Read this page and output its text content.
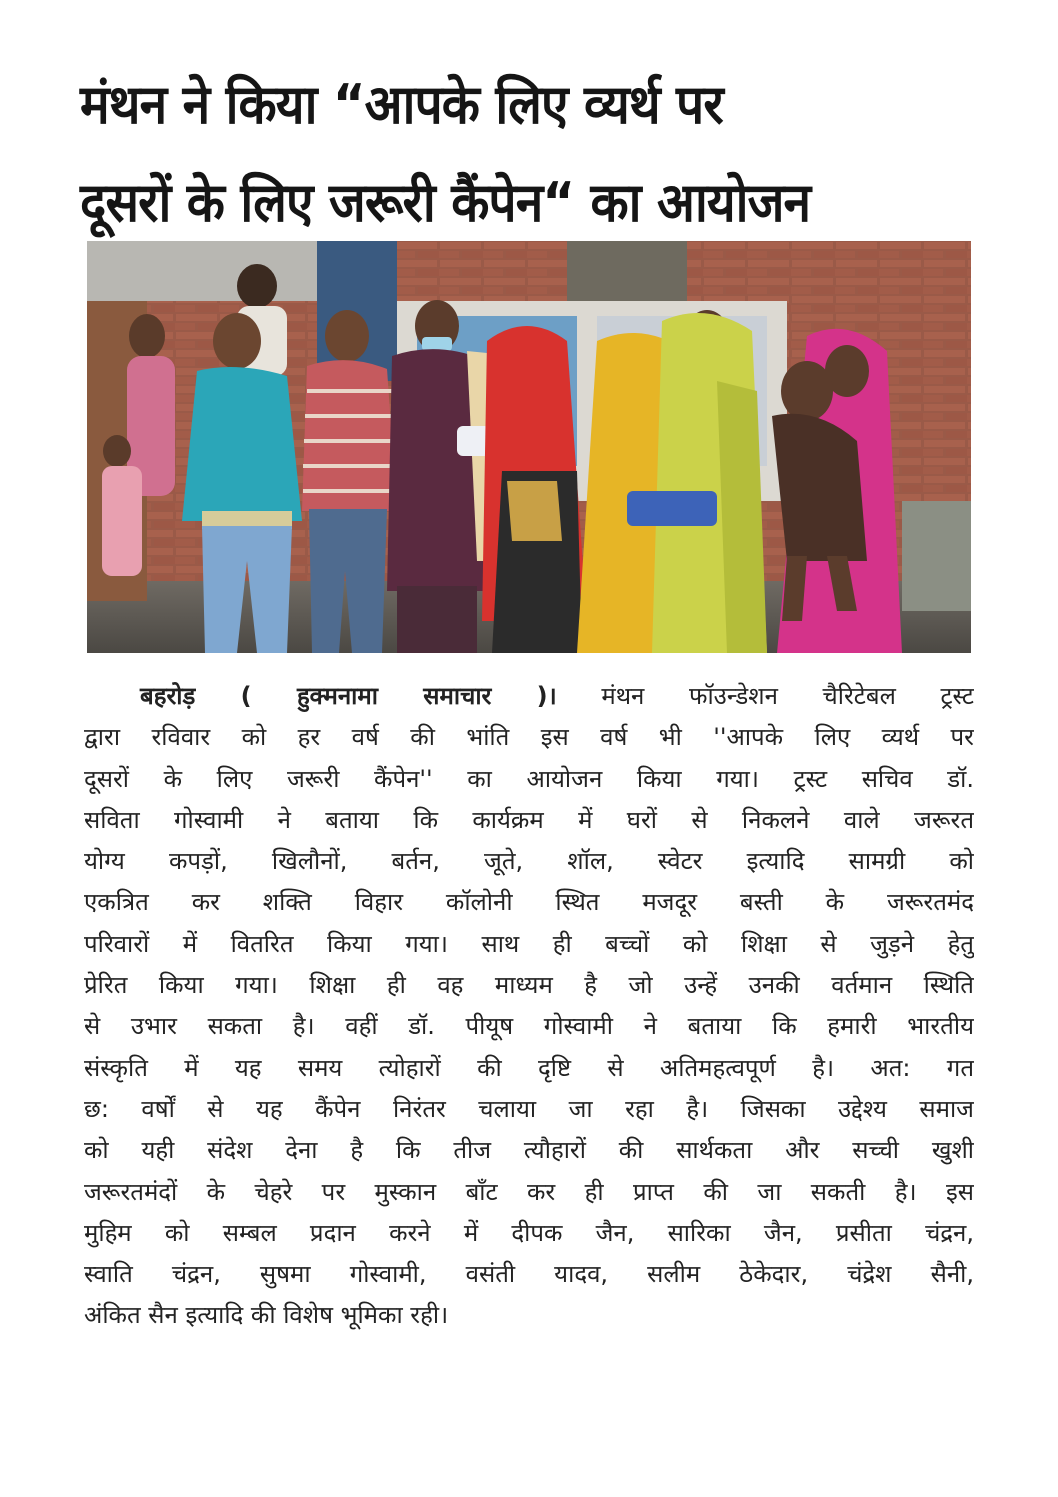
मंथन ने किया “आपके लिए व्यर्थ पर
दूसरों के लिए जरूरी कैंपेन“ का आयोजन
बहरोड़ ( हुक्मनामा समाचार )। मंथन फॉउन्डेशन चैरिटेबल ट्रस्ट
द्वारा रविवार को हर वर्ष की भांति इस वर्ष भी ''आपके लिए व्यर्थ पर
दूसरों के लिए जरूरी कैंपेन'' का आयोजन किया गया। ट्रस्ट सचिव डॉ.
सविता गोस्वामी ने बताया कि कार्यक्रम में घरों से निकलने वाले जरूरत
योग्य कपड़ों, खिलौनों, बर्तन, जूते, शॉल, स्वेटर इत्यादि सामग्री को
एकत्रित कर शक्ति विहार कॉलोनी स्थित मजदूर बस्ती के जरूरतमंद
परिवारों में वितरित किया गया। साथ ही बच्चों को शिक्षा से जुड़ने हेतु
प्रेरित किया गया। शिक्षा ही वह माध्यम है जो उन्हें उनकी वर्तमान स्थिति
से उभार सकता है। वहीं डॉ. पीयूष गोस्वामी ने बताया कि हमारी भारतीय
संस्कृति में यह समय त्योहारों की दृष्टि से अतिमहत्वपूर्ण है। अत: गत
छ: वर्षों से यह कैंपेन निरंतर चलाया जा रहा है। जिसका उद्देश्य समाज
को यही संदेश देना है कि तीज त्यौहारों की सार्थकता और सच्ची खुशी
जरूरतमंदों के चेहरे पर मुस्कान बाँट कर ही प्राप्त की जा सकती है। इस
मुहिम को सम्बल प्रदान करने में दीपक जैन, सारिका जैन, प्रसीता चंद्रन,
स्वाति चंद्रन, सुषमा गोस्वामी, वसंती यादव, सलीम ठेकेदार, चंद्रेश सैनी,
अंकित सैन इत्यादि की विशेष भूमिका रही।
